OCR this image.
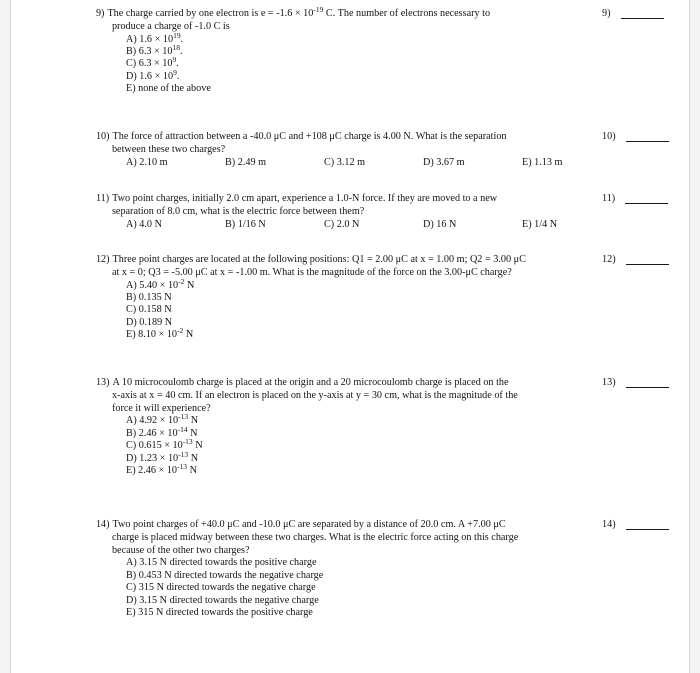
9) The charge carried by one electron is $e = -1.6 \times 10^{-19}$ C. The number of electrons necessary to
produce a charge of -1.0 C is
A) $1.6 \times 10^{19}$.
B) $6.3 \times 10^{18}$.
C) $6.3 \times 10^9$.
D) $1.6 \times 10^9$.
E) none of the above
9)
10) The force of attraction between a -40.0 μC and +108 μC charge is 4.00 N. What is the separation
between these two charges?
A) 2.10 m	B) 2.49 m	C) 3.12 m	D) 3.67 m	E) 1.13 m
10)
11) Two point charges, initially 2.0 cm apart, experience a 1.0-N force. If they are moved to a new
separation of 8.0 cm, what is the electric force between them?
A) 4.0 N	B) 1/16 N	C) 2.0 N	D) 16 N	E) 1/4 N
11)
12) Three point charges are located at the following positions: Q1 = 2.00 μC at x = 1.00 m; Q2 = 3.00 μC
at x = 0; Q3 = -5.00 μC at x = -1.00 m. What is the magnitude of the force on the 3.00-μC charge?
A) $5.40 \times 10^{-2}$ N
B) 0.135 N
C) 0.158 N
D) 0.189 N
E) $8.10 \times 10^{-2}$ N
12)
13) A 10 microcoulomb charge is placed at the origin and a 20 microcoulomb charge is placed on the
x-axis at x = 40 cm. If an electron is placed on the y-axis at y = 30 cm, what is the magnitude of the
force it will experience?
A) $4.92 \times 10^{-13}$ N
B) $2.46 \times 10^{-14}$ N
C) $0.615 \times 10^{-13}$ N
D) $1.23 \times 10^{-13}$ N
E) $2.46 \times 10^{-13}$ N
13)
14) Two point charges of +40.0 μC and -10.0 μC are separated by a distance of 20.0 cm. A +7.00 μC
charge is placed midway between these two charges. What is the electric force acting on this charge
because of the other two charges?
A) 3.15 N directed towards the positive charge
B) 0.453 N directed towards the negative charge
C) 315 N directed towards the negative charge
D) 3.15 N directed towards the negative charge
E) 315 N directed towards the positive charge
14)
